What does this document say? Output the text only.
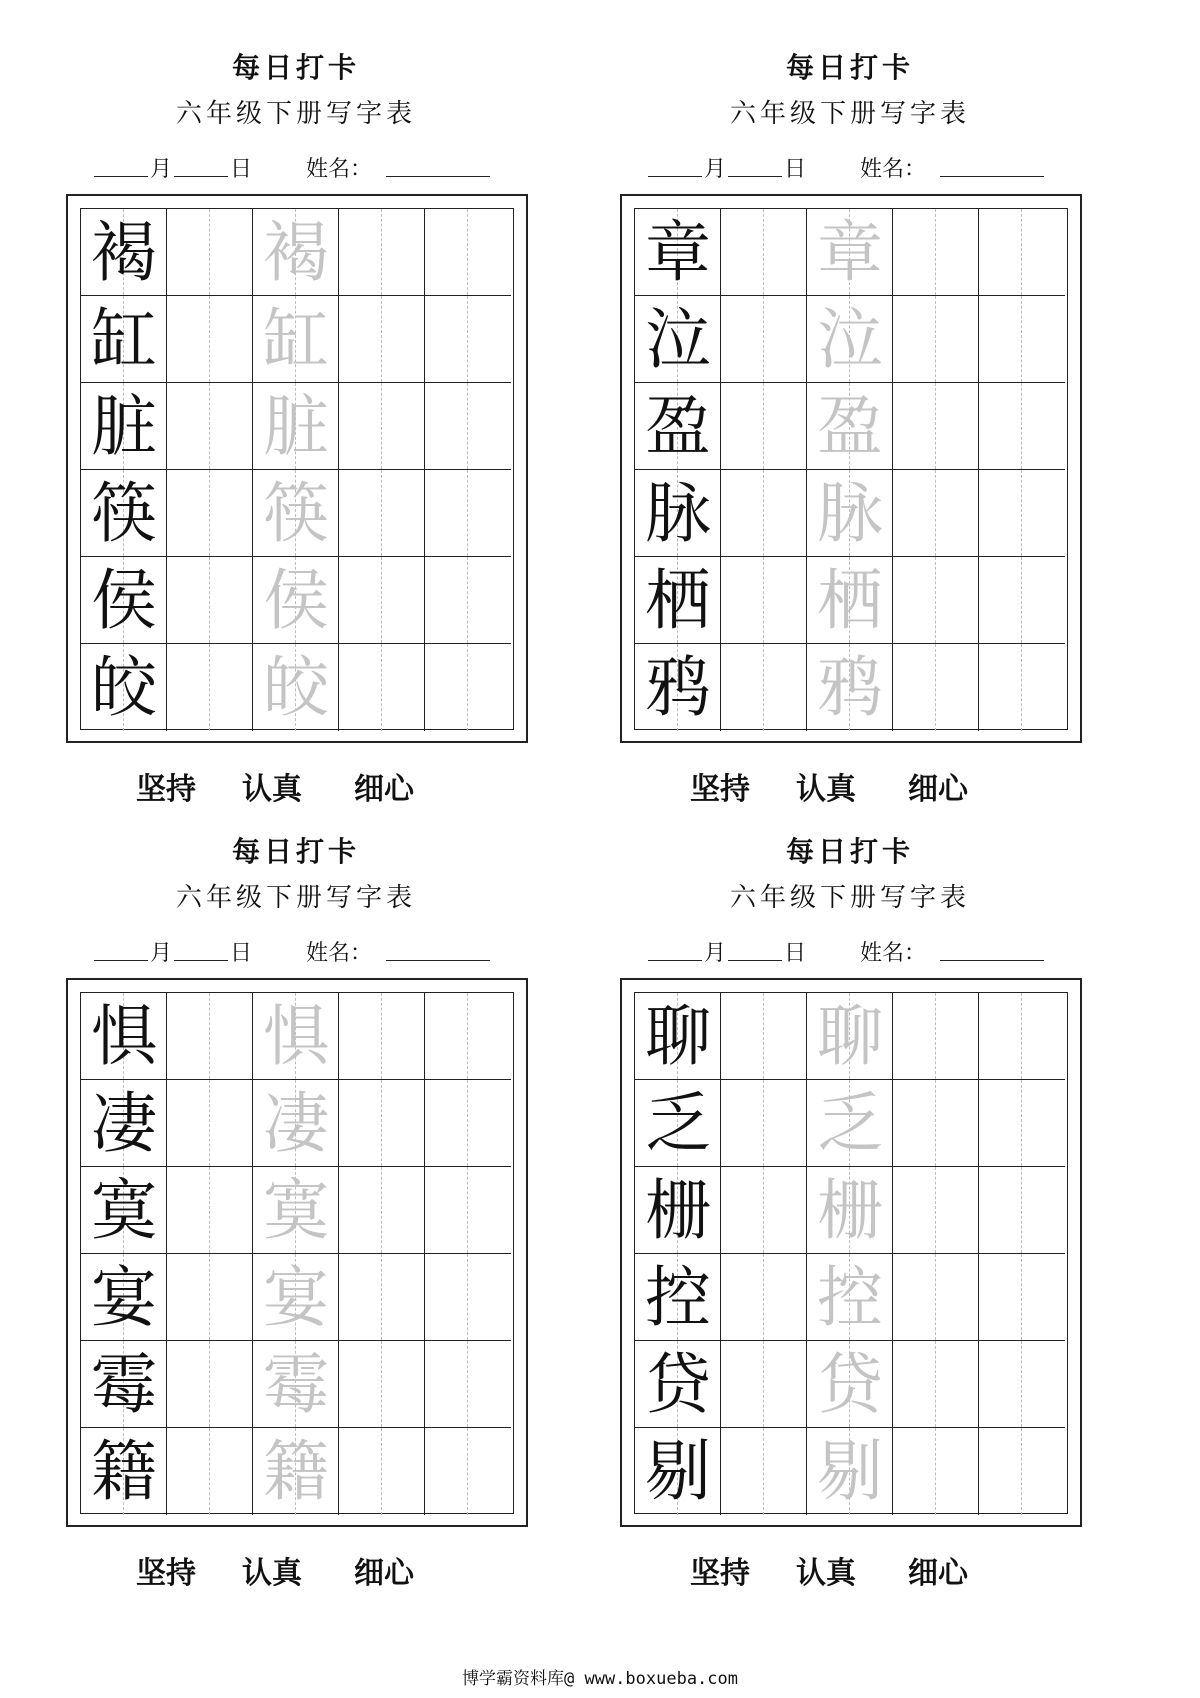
每日打卡
六年级下册写字表
月	日 姓名：
褐 褐
缸 缸
脏 脏
筷 筷
侯 侯
皎 皎
坚持 认真 细心
每日打卡
六年级下册写字表
月	日 姓名：
章 章
泣 泣
盈 盈
脉 脉
栖 栖
鸦 鸦
坚持 认真 细心
每日打卡
六年级下册写字表
月	日 姓名：
惧 惧
凄 凄
寞 寞
宴 宴
霉 霉
籍 籍
坚持 认真 细心
每日打卡
六年级下册写字表
月	日 姓名：
聊 聊
乏 乏
栅 栅
控 控
贷 贷
剔 剔
坚持 认真 细心
博学霸资料库@ www.boxueba.com
